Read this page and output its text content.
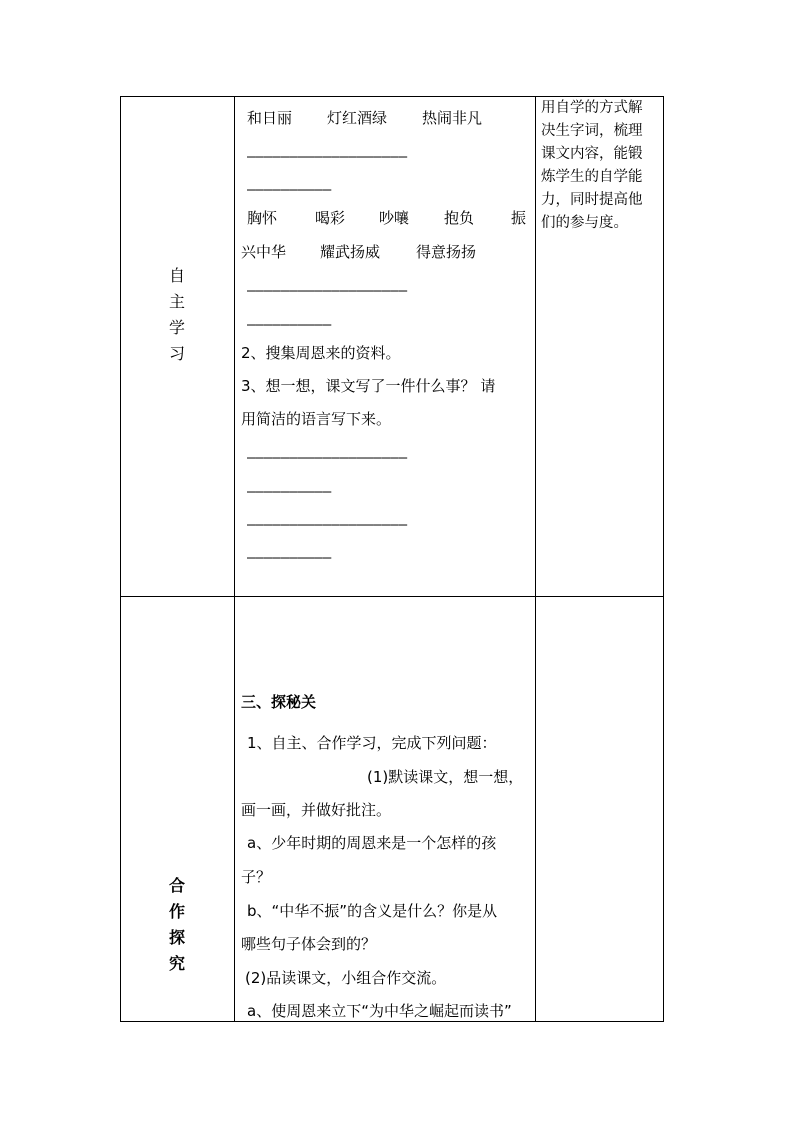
自
主
学
习
合
作
探
究
和日丽 灯红酒绿 热闹非凡
———————————————————
——————————
胸怀	喝彩 吵嚷 抱负 振
兴中华 耀武扬威 得意扬扬
———————————————————
——————————
2、搜集周恩来的资料。
3、想一想，课文写了一件什么事？ 请
用简洁的语言写下来。
———————————————————
——————————
———————————————————
——————————
用自学的方式解
决生字词，梳理
课文内容，能锻
炼学生的自学能
力，同时提高他
们的参与度。
三、探秘关
1、自主、合作学习，完成下列问题：
(1)默读课文，想一想，
画一画，并做好批注。
a、少年时期的周恩来是一个怎样的孩
子？
b、“中华不振”的含义是什么？你是从
哪些句子体会到的？
(2)品读课文，小组合作交流。
a、使周恩来立下“为中华之崛起而读书”
